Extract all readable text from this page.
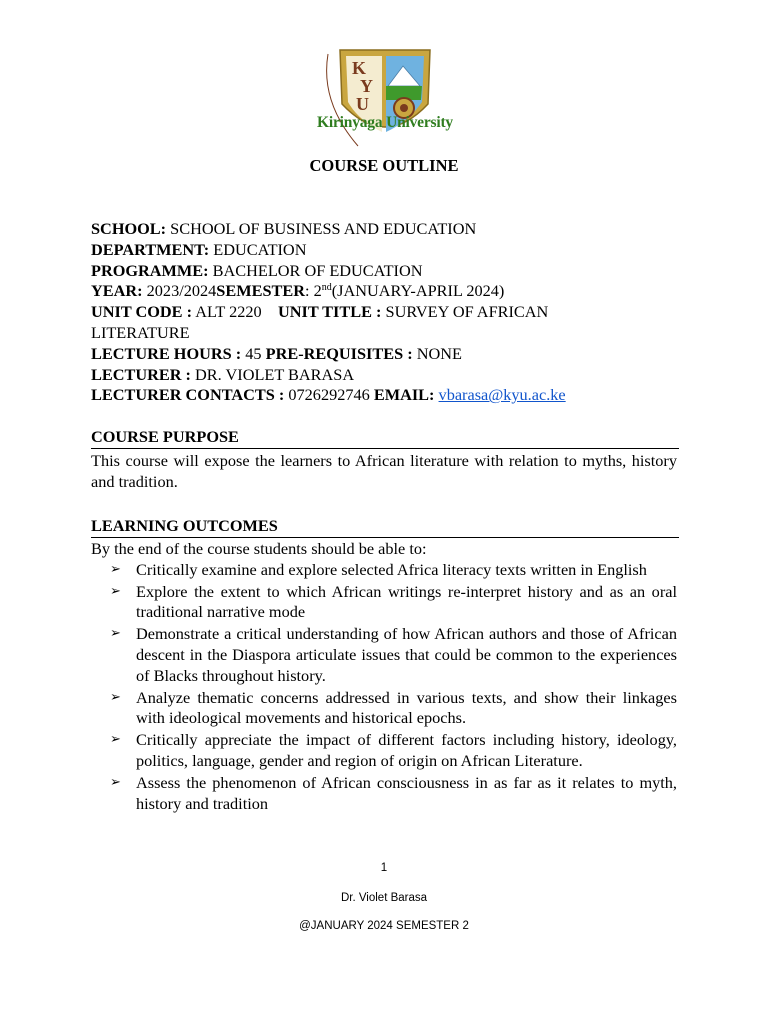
K
Y
U
Kirinyaga University
COURSE OUTLINE
SCHOOL: SCHOOL OF BUSINESS AND EDUCATION
DEPARTMENT: EDUCATION
PROGRAMME: BACHELOR OF EDUCATION
YEAR: 2023/2024SEMESTER: 2nd(JANUARY-APRIL 2024)
UNIT CODE : ALT 2220 UNIT TITLE : SURVEY OF AFRICAN
LITERATURE
LECTURE HOURS : 45 PRE-REQUISITES : NONE
LECTURER : DR. VIOLET BARASA
LECTURER CONTACTS : 0726292746 EMAIL: vbarasa@kyu.ac.ke
COURSE PURPOSE
This course will expose the learners to African literature with relation to myths, history and tradition.
LEARNING OUTCOMES

By the end of the course students should be able to:

➢ Critically examine and explore selected Africa literacy texts written in English
➢ Explore the extent to which African writings re-interpret history and as an oral traditional narrative mode
➢ Demonstrate a critical understanding of how African authors and those of African descent in the Diaspora articulate issues that could be common to the experiences of Blacks throughout history.
➢ Analyze thematic concerns addressed in various texts, and show their linkages with ideological movements and historical epochs.
➢ Critically appreciate the impact of different factors including history, ideology, politics, language, gender and region of origin on African Literature.
➢ Assess the phenomenon of African consciousness in as far as it relates to myth, history and tradition
1
Dr. Violet Barasa
@JANUARY 2024 SEMESTER 2
